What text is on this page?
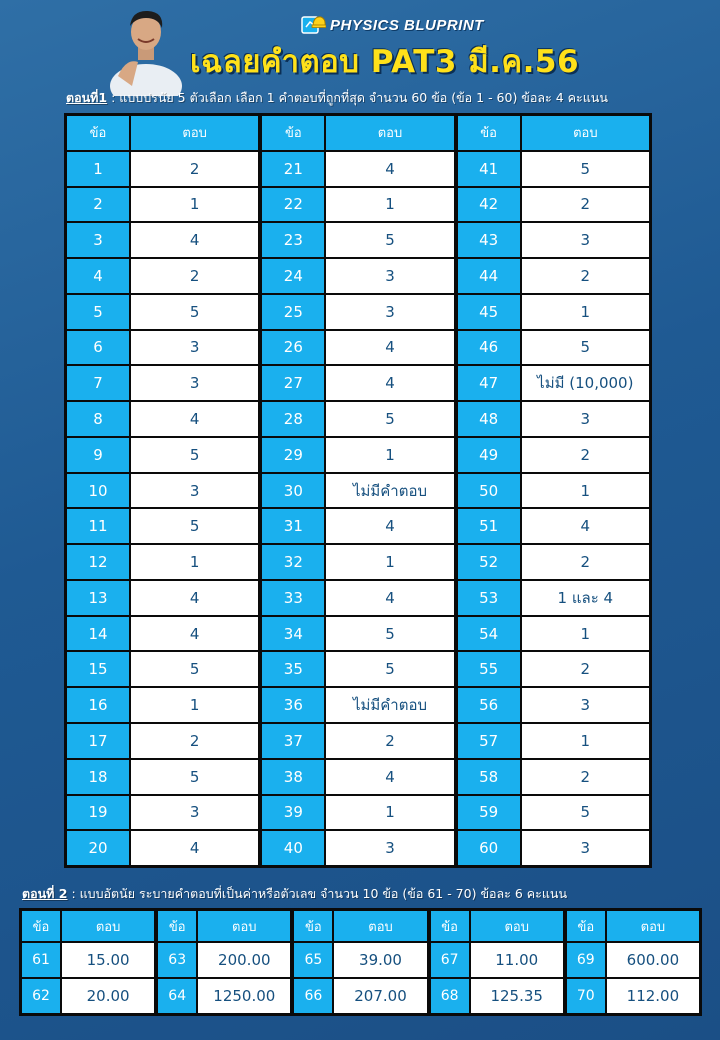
PHYSICS BLUPRINT
เฉลยคำตอบ PAT3 มี.ค.56
ตอนที่1 : แบบปรนัย 5 ตัวเลือก เลือก 1 คำตอบที่ถูกที่สุด จำนวน 60 ข้อ (ข้อ 1 - 60) ข้อละ 4 คะแนน
ข้อ	ตอบ
1	2
2	1
3	4
4	2
5	5
6	3
7	3
8	4
9	5
10	3
11	5
12	1
13	4
14	4
15	5
16	1
17	2
18	5
19	3
20	4
ข้อ	ตอบ
21	4
22	1
23	5
24	3
25	3
26	4
27	4
28	5
29	1
30	ไม่มีคำตอบ
31	4
32	1
33	4
34	5
35	5
36	ไม่มีคำตอบ
37	2
38	4
39	1
40	3
ข้อ	ตอบ
41	5
42	2
43	3
44	2
45	1
46	5
47	ไม่มี (10,000)
48	3
49	2
50	1
51	4
52	2
53	1 และ 4
54	1
55	2
56	3
57	1
58	2
59	5
60	3
ตอนที่ 2 : แบบอัตนัย ระบายคำตอบที่เป็นค่าหรือตัวเลข จำนวน 10 ข้อ (ข้อ 61 - 70) ข้อละ 6 คะแนน
ข้อ	ตอบ
61	15.00
62	20.00
ข้อ	ตอบ
63	200.00
64	1250.00
ข้อ	ตอบ
65	39.00
66	207.00
ข้อ	ตอบ
67	11.00
68	125.35
ข้อ	ตอบ
69	600.00
70	112.00
